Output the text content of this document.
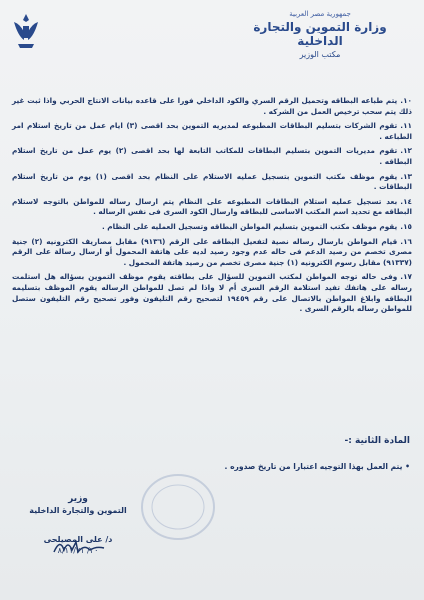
جمهورية مصر العربية
وزارة التموين والتجارة الداخلية
مكتب الوزير
١٠.يتم طباعه البطاقه وتحميل الرقم السري والكود الداخلي فورا على قاعده بيانات الانتاج الحربي واذا ثبت غير ذلك يتم سحب ترخيص العمل من الشركه .
١١.تقوم الشركات بتسليم البطاقات المطبوعه لمديريه التموين بحد اقصى (٣) ايام عمل من تاريخ استلام امر الطباعه .
١٢.تقوم مديريات التموين بتسليم البطاقات للمكاتب التابعة لها بحد اقصى (٢) يوم عمل من تاريخ استلام البطاقه .
١٣.يقوم موظف مكتب التموين بتسجيل عمليه الاستلام على النظام بحد اقصى (١) يوم من تاريخ استلام البطاقات .
١٤.بعد تسجيل عمليه استلام البطاقات المطبوعه على النظام يتم ارسال رساله للمواطن بالتوجه لاستلام البطاقه مع تحديد اسم المكتب الاساسى للبطاقه وارسال الكود السرى فى نفس الرساله .
١٥.يقوم موظف مكتب التموين بتسليم المواطن البطاقه وتسجيل العمليه على النظام .
١٦.قيام المواطن بارسال رساله نصية لتفعيل البطاقه على الرقم (٩١٣٦) مقابل مصاريف الكترونيه (٢) جنية مصرى تخصم من رصيد الدعم فى حاله عدم وجود رصيد لديه على هاتفة المحمول أو ارسال رسالة على الرقم (٩١٣٣٧) مقابل رسوم الكترونيه (١) جنية مصرى تخصم من رصيد هاتفة المحمول .
١٧.وفى حاله توجه المواطن لمكتب التموين للسؤال على بطاقته يقوم موظف التموين بسؤاله هل استلمت رساله على هاتفك تفيد استلامة الرقم السرى أم لا واذا لم تصل للمواطن الرساله يقوم الموظف بتسليمه البطاقه وابلاغ المواطن بالاتصال على رقم ١٩٤٥٩ لتصحيح رقم التليفون وفور تصحيح رقم التليفون ستصل للمواطن رساله بالرقم السرى .
المادة الثانية :-
• يتم العمل بهذا التوجيه اعتبارا من تاريخ صدوره .
وزير
التموين والتجارة الداخلية
د/ على المصيلحى
٢٠/ ٨/١١/٢١
